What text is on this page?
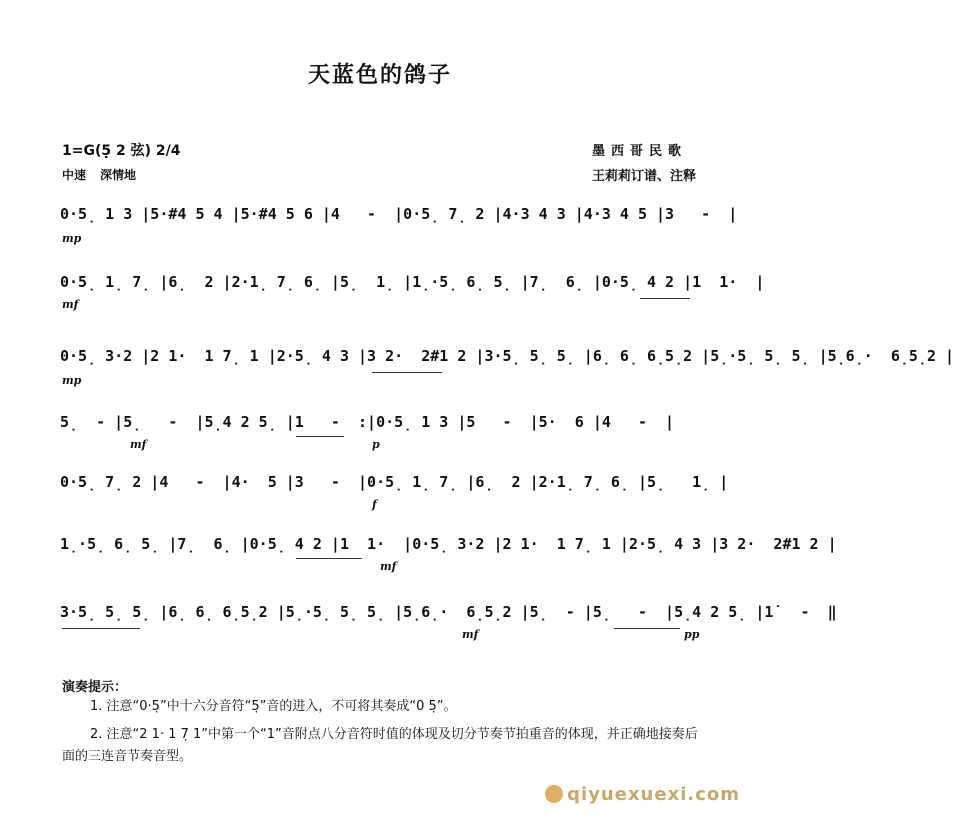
天蓝色的鸽子
1=G(5̣ 2 弦) 2/4
中速 深情地
墨西哥民歌
王莉莉订谱、注释
0·5̣ 1 3 |5·#4 5 4 |5·#4 5 6 |4   -  |0·5̣ 7̣ 2 |4·3 4 3 |4·3 4 5 |3   -  |
mp
0·5̣ 1̣ 7̣ |6̣  2 |2·1̣ 7̣ 6̣ |5̣  1̣ |1̣·5̣ 6̣ 5̣ |7̣  6̣ |0·5̣ 4 2 |1  1·  |
mf
0·5̣ 3·2 |2 1·  1 7̣ 1 |2·5̣ 4 3 |3 2·  2#1 2 |3·5̣ 5̣ 5̣ |6̣ 6̣ 6̣5̣2 |5̣·5̣ 5̣ 5̣ |5̣6̣·  6̣5̣2 |
mp
5̣  - |5̣   -  |5̣4 2 5̣ |1   -  :|0·5̣ 1 3 |5   -  |5·  6 |4   -  |
mf	p
0·5̣ 7̣ 2 |4   -  |4·  5 |3   -  |0·5̣ 1̣ 7̣ |6̣  2 |2·1̣ 7̣ 6̣ |5̣   1̣ |
f
1̣·5̣ 6̣ 5̣ |7̣  6̣ |0·5̣ 4 2 |1  1·  |0·5̣ 3·2 |2 1·  1 7̣ 1 |2·5̣ 4 3 |3 2·  2#1 2 |
mf
3·5̣ 5̣ 5̣ |6̣ 6̣ 6̣5̣2 |5̣·5̣ 5̣ 5̣ |5̣6̣·  6̣5̣2 |5̣  - |5̣   -  |5̣4 2 5̣ |1̇   -  ‖
mf	pp
演奏提示：
1. 注意“0·5̣”中十六分音符“5̣”音的进入，不可将其奏成“0 5̣”。
2. 注意“2 1· 1 7̣ 1”中第一个“1”音附点八分音符时值的体现及切分节奏节拍重音的体现，并正确地接奏后面的三连音节奏音型。
qiyuexuexi.com
